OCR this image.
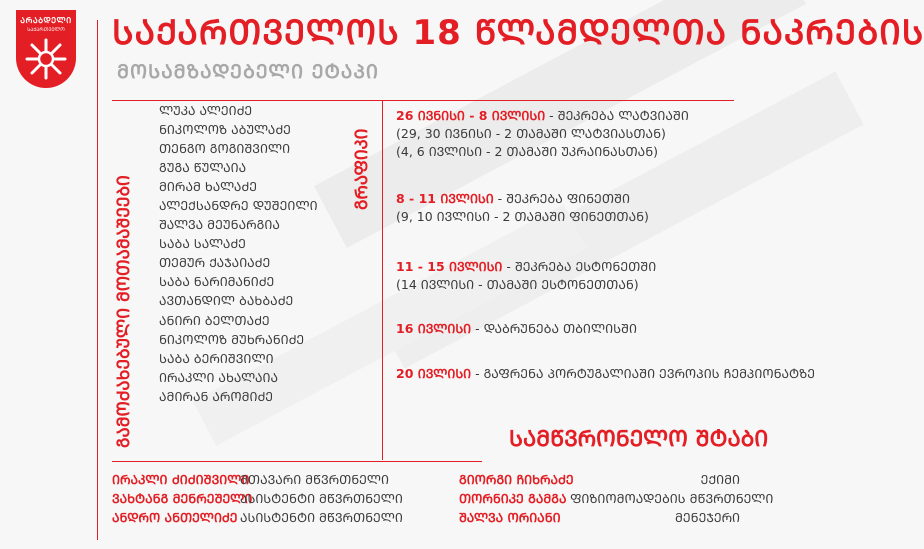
ᲐᲠᲐᲑᲓᲔᲚᲘ
ᲡᲐᲥᲐᲠᲗᲕᲔᲚᲝ ᲡᲐᲥᲐᲠᲗᲕᲔᲚᲝᲡ 18 ᲬᲚᲐᲛᲓᲔᲚᲗᲐ ᲜᲐᲙᲠᲔᲑᲘᲡ
ᲛᲝᲡᲐᲛᲖᲐᲓᲔᲑᲔᲚᲘ ᲔᲢᲐᲞᲘ
ᲒᲐᲛᲝᲫᲐᲮᲔᲑᲣᲚᲘ ᲛᲝᲗᲐᲛᲐᲨᲔᲔᲑᲘ
ᲚᲣᲙᲐ ᲐᲚᲔᲘᲫᲔ
ᲜᲘᲙᲝᲚᲝᲖ ᲐᲑᲣᲚᲐᲫᲔ
ᲗᲔᲜᲒᲝ ᲒᲝᲒᲘᲨᲕᲘᲚᲘ
ᲒᲣᲒᲐ ᲬᲣᲚᲐᲘᲐ
ᲛᲘᲠᲐᲛ ᲮᲐᲚᲐᲫᲔ
ᲐᲚᲔᲥᲡᲐᲜᲓᲠᲔ ᲓᲣᲨᲔᲘᲚᲘ
ᲨᲐᲚᲕᲐ ᲛᲔᲣᲜᲐᲠᲒᲘᲐ
ᲡᲐᲑᲐ ᲡᲐᲚᲐᲫᲔ
ᲗᲔᲛᲣᲠ ᲥᲐᲯᲐᲘᲐᲫᲔ
ᲡᲐᲑᲐ ᲜᲐᲠᲘᲛᲐᲜᲘᲫᲔ
ᲐᲕᲗᲐᲜᲓᲘᲚ ᲑᲐᲮᲑᲐᲫᲔ
ᲐᲜᲘᲠᲘ ᲑᲔᲚᲗᲐᲫᲔ
ᲜᲘᲙᲝᲚᲝᲖ ᲛᲣᲮᲠᲐᲜᲘᲫᲔ
ᲡᲐᲑᲐ ᲑᲔᲠᲘᲨᲕᲘᲚᲘ
ᲘᲠᲐᲙᲚᲘ ᲐᲮᲐᲚᲐᲘᲐ
ᲐᲛᲘᲠᲐᲜ ᲐᲠᲝᲛᲘᲫᲔ
ᲒᲠᲐᲤᲘᲙᲘ
26 ᲘᲕᲜᲘᲡᲘ - 8 ᲘᲕᲚᲘᲡᲘ - ᲨᲔᲙᲠᲔᲑᲐ ᲚᲐᲢᲕᲘᲐᲨᲘ
(29, 30 ᲘᲕᲜᲘᲡᲘ - 2 ᲗᲐᲛᲐᲨᲘ ᲚᲐᲢᲕᲘᲐᲡᲗᲐᲜ)
(4, 6 ᲘᲕᲚᲘᲡᲘ - 2 ᲗᲐᲛᲐᲨᲘ ᲣᲙᲠᲐᲘᲜᲐᲡᲗᲐᲜ)
8 - 11 ᲘᲕᲚᲘᲡᲘ - ᲨᲔᲙᲠᲔᲑᲐ ᲤᲘᲜᲔᲗᲨᲘ
(9, 10 ᲘᲕᲚᲘᲡᲘ - 2 ᲗᲐᲛᲐᲨᲘ ᲤᲘᲜᲔᲗᲗᲐᲜ)
11 - 15 ᲘᲕᲚᲘᲡᲘ - ᲨᲔᲙᲠᲔᲑᲐ ᲔᲡᲢᲝᲜᲔᲗᲨᲘ
(14 ᲘᲕᲚᲘᲡᲘ - ᲗᲐᲛᲐᲨᲘ ᲔᲡᲢᲝᲜᲔᲗᲗᲐᲜ)
16 ᲘᲕᲚᲘᲡᲘ - ᲓᲐᲑᲠᲣᲜᲔᲑᲐ ᲗᲑᲘᲚᲘᲡᲨᲘ
20 ᲘᲕᲚᲘᲡᲘ - ᲒᲐᲤᲠᲔᲜᲐ ᲞᲝᲠᲢᲣᲒᲐᲚᲘᲐᲨᲘ ᲔᲕᲠᲝᲞᲘᲡ ᲩᲔᲛᲞᲘᲝᲜᲐᲢᲖᲔ
ᲡᲐᲛᲬᲕᲠᲝᲜᲔᲚᲝ ᲨᲢᲐᲑᲘ
ᲘᲠᲐᲙᲚᲘ ᲫᲘᲫᲘᲨᲕᲘᲚᲘ
ᲕᲐᲮᲢᲐᲜᲒ ᲛᲔᲜᲠᲔᲨᲔᲚᲘ
ᲐᲜᲓᲠᲝ ᲐᲜᲗᲔᲚᲘᲫᲔ
ᲛᲗᲐᲕᲐᲠᲘ ᲛᲬᲕᲠᲗᲜᲔᲚᲘ
ᲐᲡᲘᲡᲢᲔᲜᲢᲘ ᲛᲬᲕᲠᲗᲜᲔᲚᲘ
ᲐᲡᲘᲡᲢᲔᲜᲢᲘ ᲛᲬᲕᲠᲗᲜᲔᲚᲘ
ᲒᲘᲝᲠᲒᲘ ᲩᲘᲮᲠᲐᲫᲔ
ᲗᲝᲠᲜᲘᲙᲔ ᲒᲐᲛᲒᲐ
ᲨᲐᲚᲕᲐ ᲝᲠᲘᲐᲜᲘ
ᲔᲥᲘᲛᲘ
ᲤᲘᲖᲘᲝᲛᲝᲐᲓᲔᲑᲘᲡ ᲛᲬᲕᲠᲗᲜᲔᲚᲘ
ᲛᲔᲜᲔᲯᲔᲠᲘ
